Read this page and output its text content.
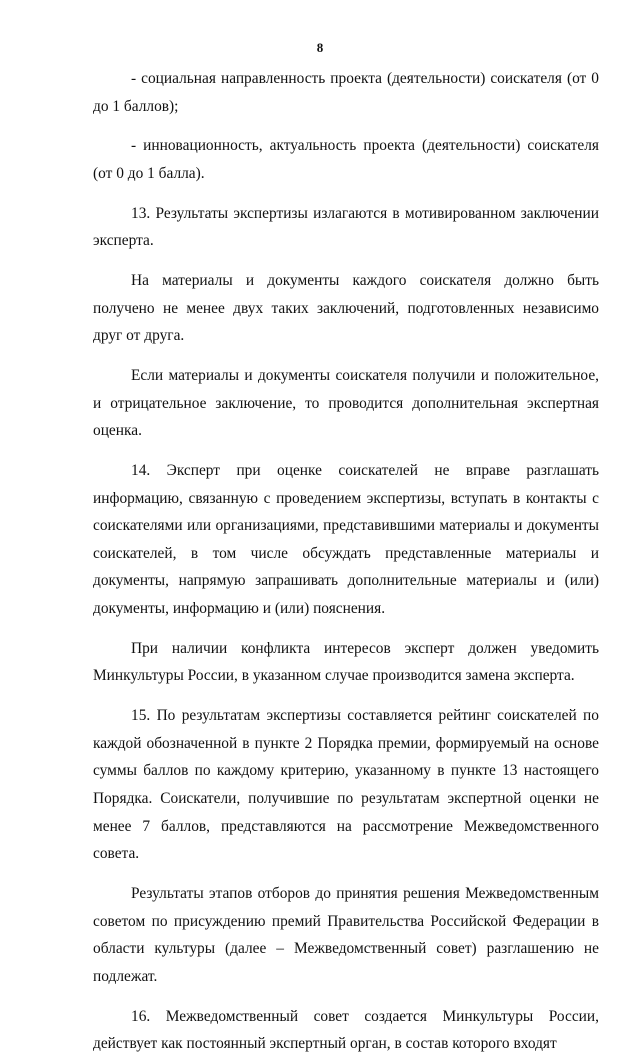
8

- социальная направленность проекта (деятельности) соискателя (от 0 до 1 баллов);

- инновационность, актуальность проекта (деятельности) соискателя (от 0 до 1 балла).

13. Результаты экспертизы излагаются в мотивированном заключении эксперта.

На материалы и документы каждого соискателя должно быть получено не менее двух таких заключений, подготовленных независимо друг от друга.

Если материалы и документы соискателя получили и положительное, и отрицательное заключение, то проводится дополнительная экспертная оценка.

14. Эксперт при оценке соискателей не вправе разглашать информацию, связанную с проведением экспертизы, вступать в контакты с соискателями или организациями, представившими материалы и документы соискателей, в том числе обсуждать представленные материалы и документы, напрямую запрашивать дополнительные материалы и (или) документы, информацию и (или) пояснения.

При наличии конфликта интересов эксперт должен уведомить Минкультуры России, в указанном случае производится замена эксперта.

15. По результатам экспертизы составляется рейтинг соискателей по каждой обозначенной в пункте 2 Порядка премии, формируемый на основе суммы баллов по каждому критерию, указанному в пункте 13 настоящего Порядка. Соискатели, получившие по результатам экспертной оценки не менее 7 баллов, представляются на рассмотрение Межведомственного совета.

Результаты этапов отборов до принятия решения Межведомственным советом по присуждению премий Правительства Российской Федерации в области культуры (далее – Межведомственный совет) разглашению не подлежат.

16. Межведомственный совет создается Минкультуры России, действует как постоянный экспертный орган, в состав которого входят
